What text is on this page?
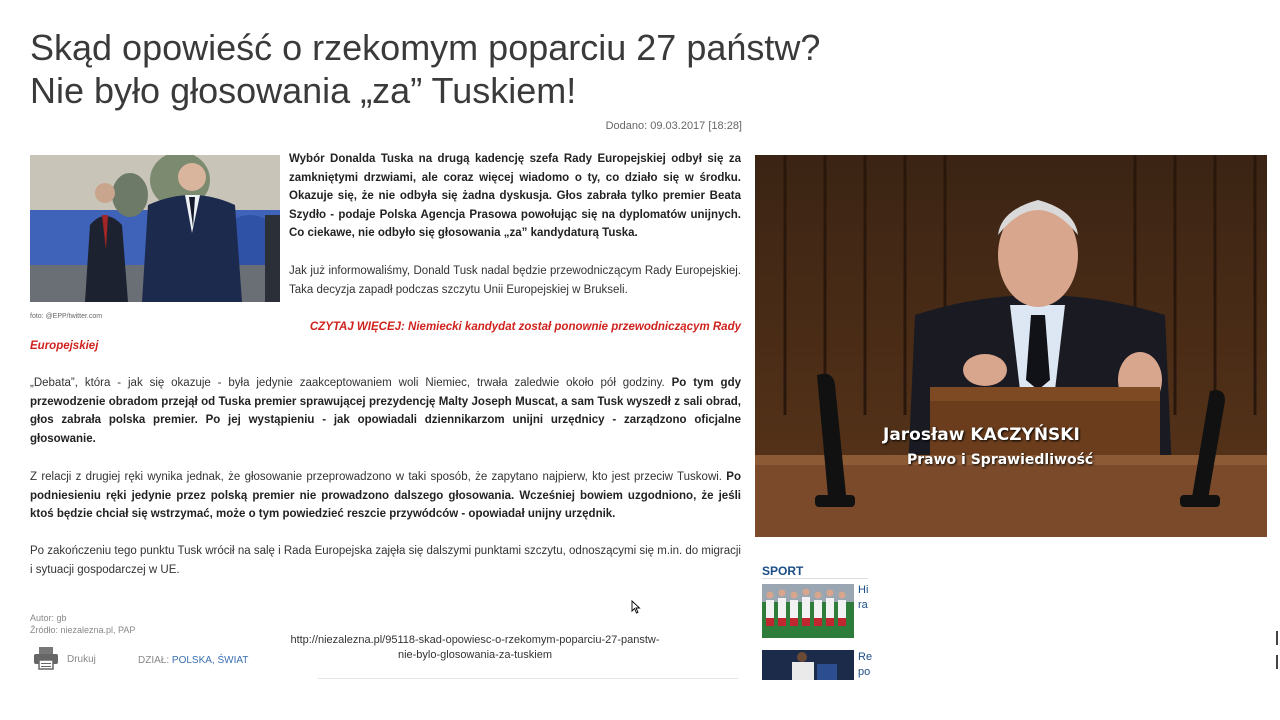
Skąd opowieść o rzekomym poparciu 27 państw?
Nie było głosowania „za” Tuskiem!
Dodano: 09.03.2017 [18:28]
foto: @EPP/twitter.com

Wybór Donalda Tuska na drugą kadencję szefa Rady Europejskiej odbył się za zamkniętymi drzwiami, ale coraz więcej wiadomo o ty, co działo się w środku. Okazuje się, że nie odbyła się żadna dyskusja. Głos zabrała tylko premier Beata Szydło - podaje Polska Agencja Prasowa powołując się na dyplomatów unijnych. Co ciekawe, nie odbyło się głosowania „za” kandydaturą Tuska.

Jak już informowaliśmy, Donald Tusk nadal będzie przewodniczącym Rady Europejskiej. Taka decyzja zapadł podczas szczytu Unii Europejskiej w Brukseli.

CZYTAJ WIĘCEJ: Niemiecki kandydat został ponownie przewodniczącym Rady
Europejskiej

„Debata”, która - jak się okazuje - była jedynie zaakceptowaniem woli Niemiec, trwała zaledwie około pół godziny. Po tym gdy przewodzenie obradom przejął od Tuska premier sprawującej prezydencję Malty Joseph Muscat, a sam Tusk wyszedł z sali obrad, głos zabrała polska premier. Po jej wystąpieniu - jak opowiadali dziennikarzom unijni urzędnicy - zarządzono oficjalne głosowanie.

Z relacji z drugiej ręki wynika jednak, że głosowanie przeprowadzono w taki sposób, że zapytano najpierw, kto jest przeciw Tuskowi. Po podniesieniu ręki jedynie przez polską premier nie prowadzono dalszego głosowania. Wcześniej bowiem uzgodniono, że jeśli ktoś będzie chciał się wstrzymać, może o tym powiedzieć reszcie przywódców - opowiadał unijny urzędnik.

Po zakończeniu tego punktu Tusk wrócił na salę i Rada Europejska zajęła się dalszymi punktami szczytu, odnoszącymi się m.in. do migracji i sytuacji gospodarczej w UE.

Autor: gb
Źródło: niezalezna.pl, PAP
Drukuj	DZIAŁ: POLSKA, ŚWIAT
http://niezalezna.pl/95118-skad-opowiesc-o-rzekomym-poparciu-27-panstw-
nie-bylo-glosowania-za-tuskiem
Jarosław KACZYŃSKI
Prawo i Sprawiedliwość
SPORT
Hi
ra
Re
po
